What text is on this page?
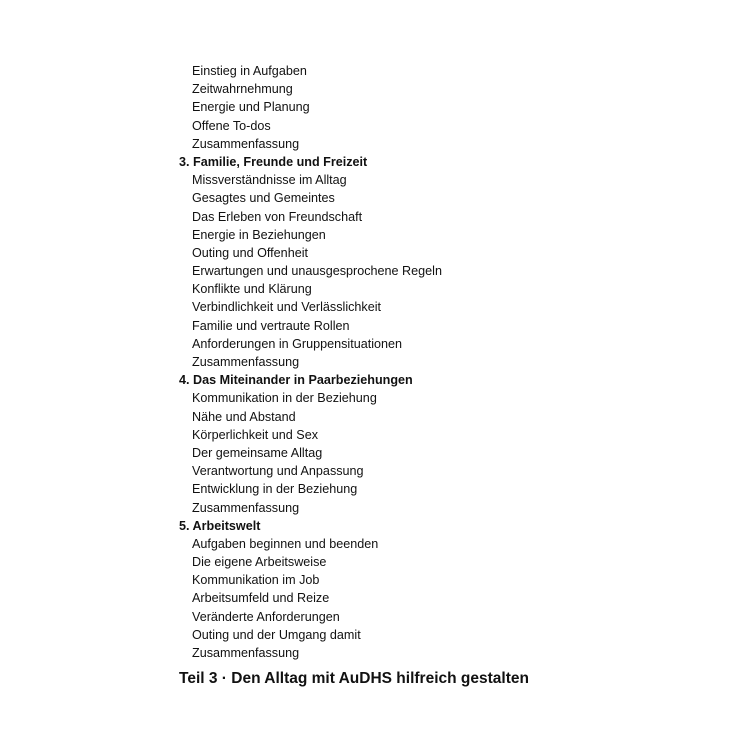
Einstieg in Aufgaben
Zeitwahrnehmung
Energie und Planung
Offene To-dos
Zusammenfassung
3. Familie, Freunde und Freizeit
Missverständnisse im Alltag
Gesagtes und Gemeintes
Das Erleben von Freundschaft
Energie in Beziehungen
Outing und Offenheit
Erwartungen und unausgesprochene Regeln
Konflikte und Klärung
Verbindlichkeit und Verlässlichkeit
Familie und vertraute Rollen
Anforderungen in Gruppensituationen
Zusammenfassung
4. Das Miteinander in Paarbeziehungen
Kommunikation in der Beziehung
Nähe und Abstand
Körperlichkeit und Sex
Der gemeinsame Alltag
Verantwortung und Anpassung
Entwicklung in der Beziehung
Zusammenfassung
5. Arbeitswelt
Aufgaben beginnen und beenden
Die eigene Arbeitsweise
Kommunikation im Job
Arbeitsumfeld und Reize
Veränderte Anforderungen
Outing und der Umgang damit
Zusammenfassung
Teil 3 · Den Alltag mit AuDHS hilfreich gestalten
